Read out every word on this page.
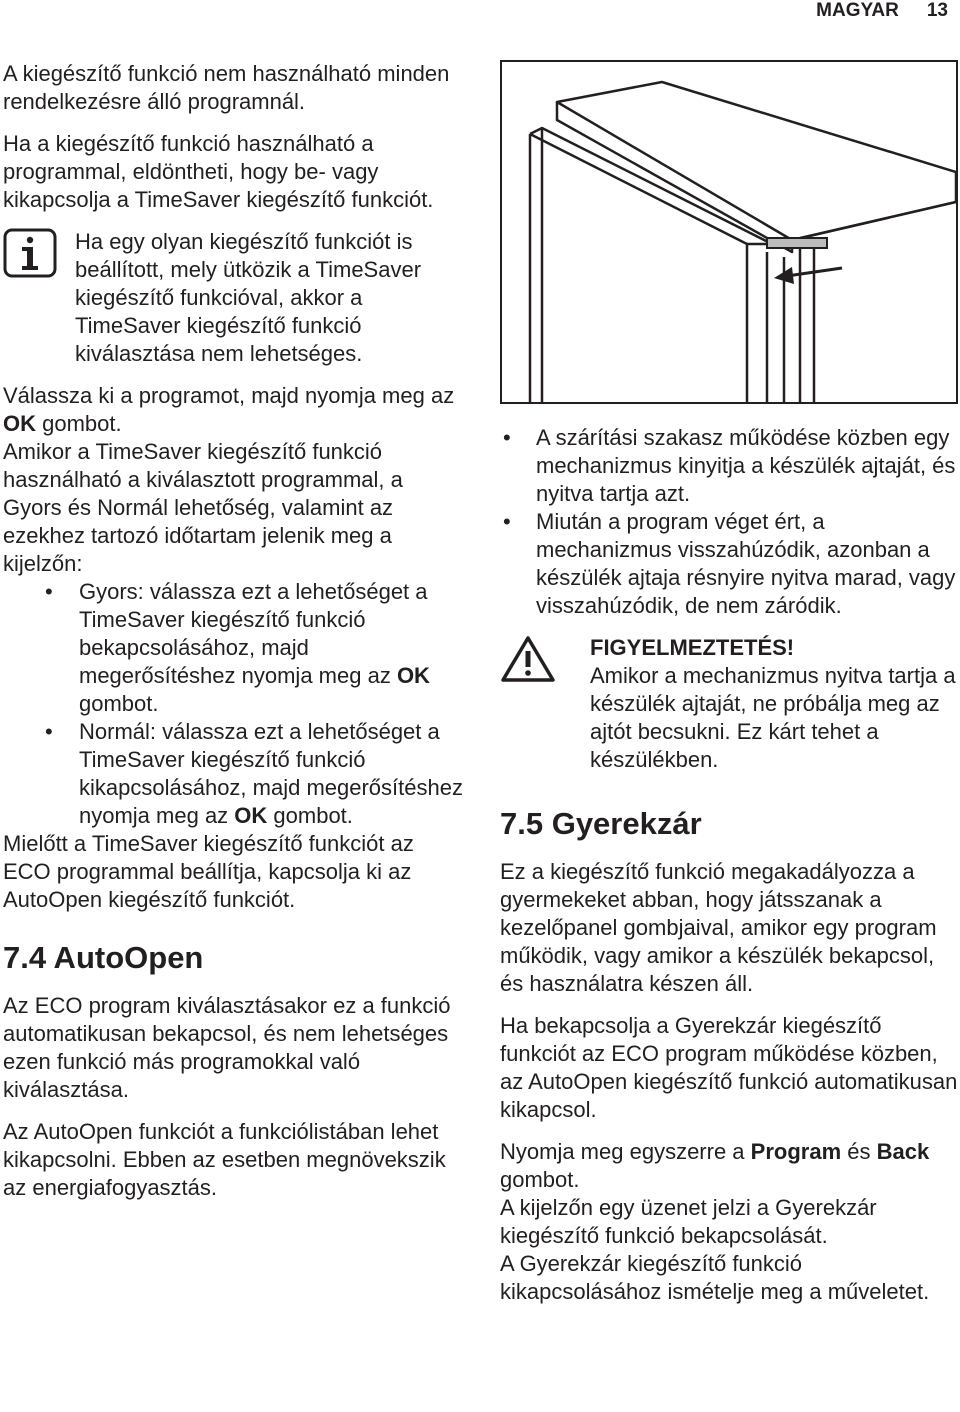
MAGYAR 13

A kiegészítő funkció nem használható minden rendelkezésre álló programnál.

Ha a kiegészítő funkció használható a programmal, eldöntheti, hogy be- vagy kikapcsolja a TimeSaver kiegészítő funkciót.

Ha egy olyan kiegészítő funkciót is beállított, mely ütközik a TimeSaver kiegészítő funkcióval, akkor a TimeSaver kiegészítő funkció kiválasztása nem lehetséges.

Válassza ki a programot, majd nyomja meg az OK gombot.

Amikor a TimeSaver kiegészítő funkció használható a kiválasztott programmal, a Gyors és Normál lehetőség, valamint az ezekhez tartozó időtartam jelenik meg a kijelzőn:

• Gyors: válassza ezt a lehetőséget a TimeSaver kiegészítő funkció bekapcsolásához, majd megerősítéshez nyomja meg az OK gombot.
• Normál: válassza ezt a lehetőséget a TimeSaver kiegészítő funkció kikapcsolásához, majd megerősítéshez nyomja meg az OK gombot.

Mielőtt a TimeSaver kiegészítő funkciót az ECO programmal beállítja, kapcsolja ki az AutoOpen kiegészítő funkciót.

7.4 AutoOpen

Az ECO program kiválasztásakor ez a funkció automatikusan bekapcsol, és nem lehetséges ezen funkció más programokkal való kiválasztása.

Az AutoOpen funkciót a funkciólistában lehet kikapcsolni. Ebben az esetben megnövekszik az energiafogyasztás.

• A szárítási szakasz működése közben egy mechanizmus kinyitja a készülék ajtaját, és nyitva tartja azt.
• Miután a program véget ért, a mechanizmus visszahúzódik, azonban a készülék ajtaja résnyire nyitva marad, vagy visszahúzódik, de nem záródik.

FIGYELMEZTETÉS!

Amikor a mechanizmus nyitva tartja a készülék ajtaját, ne próbálja meg az ajtót becsukni. Ez kárt tehet a készülékben.

7.5 Gyerekzár

Ez a kiegészítő funkció megakadályozza a gyermekeket abban, hogy játsszanak a kezelőpanel gombjaival, amikor egy program működik, vagy amikor a készülék bekapcsol, és használatra készen áll.

Ha bekapcsolja a Gyerekzár kiegészítő funkciót az ECO program működése közben, az AutoOpen kiegészítő funkció automatikusan kikapcsol.

Nyomja meg egyszerre a Program és Back gombot.

A kijelzőn egy üzenet jelzi a Gyerekzár kiegészítő funkció bekapcsolását.

A Gyerekzár kiegészítő funkció kikapcsolásához ismételje meg a műveletet.
